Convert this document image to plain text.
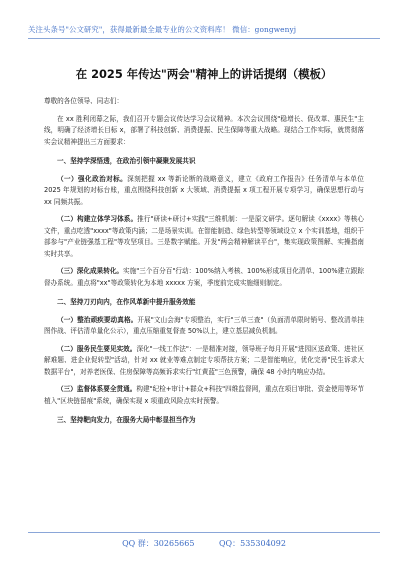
关注头条号"公文研究"，获得最新最全最专业的公文资料库！ 微信：gongwenyj
在 2025 年传达"两会"精神上的讲话提纲（模板）

尊敬的各位领导、同志们：

在 xx 胜利闭幕之际，我们召开专题会议传达学习会议精神。本次会议围绕"稳增长、促改革、惠民生"主线，明确了经济增长目标 x，部署了科技创新、消费提振、民生保障等重大战略。现结合工作实际，就贯彻落实会议精神提出三方面要求：

一、坚持学深悟透，在政治引领中凝聚发展共识

（一）强化政治对标。深刻把握 xx 等新论断的战略意义，建立《政府工作报告》任务清单与本单位 2025 年规划的对标台账，重点围绕科技创新 x 大领域、消费提振 x 项工程开展专项学习，确保思想行动与 xx 同频共振。

（二）构建立体学习体系。推行"研读+研讨+实践"三维机制：一是原文研学。逐句解读《xxxx》等核心文件，重点吃透"xxxx"等政策内涵；二是场景实训。在智能制造、绿色转型等领域设立 x 个实训基地，组织干部参与"产业链强基工程"等攻坚项目。三是数字赋能。开发"两会精神解读平台"，集实现政策图解、实操指南实时共享。

（三）深化成果转化。实施"三个百分百"行动：100%纳入考核、100%形成项目化清单、100%建立跟踪督办系统。重点将"xx"等政策转化为本地 xxxxx 方案，季度前完成实施细则制定。

二、坚持刀刃向内，在作风革新中提升服务效能

（一）整治顽疾要动真格。开展"文山会海"专项整治，实行"三单三查"（负面清单限时销号、整改清单挂图作战、评估清单量化公示），重点压缩重复督查 50%以上，建立基层减负机制。

（二）服务民生要见实效。深化"一线工作法"：一是精准对接，领导班子每月开展"进园区送政策、进社区解难题、进企业促转型"活动，针对 xx 就业等难点制定专项帮扶方案；二是智能响应，优化完善"民生诉求大数据平台"，对养老医保、住房保障等高频诉求实行"红黄蓝"三色预警，确保 48 小时内响应办结。

（三）监督体系要全贯通。构建"纪检+审计+群众+科技"四维监督网，重点在项目审批、资金使用等环节植入"区块链留痕"系统，确保实现 x 项重政风险点实时预警。

三、坚持靶向发力，在服务大局中彰显担当作为

QQ 群：30265665	QQ：535304092
